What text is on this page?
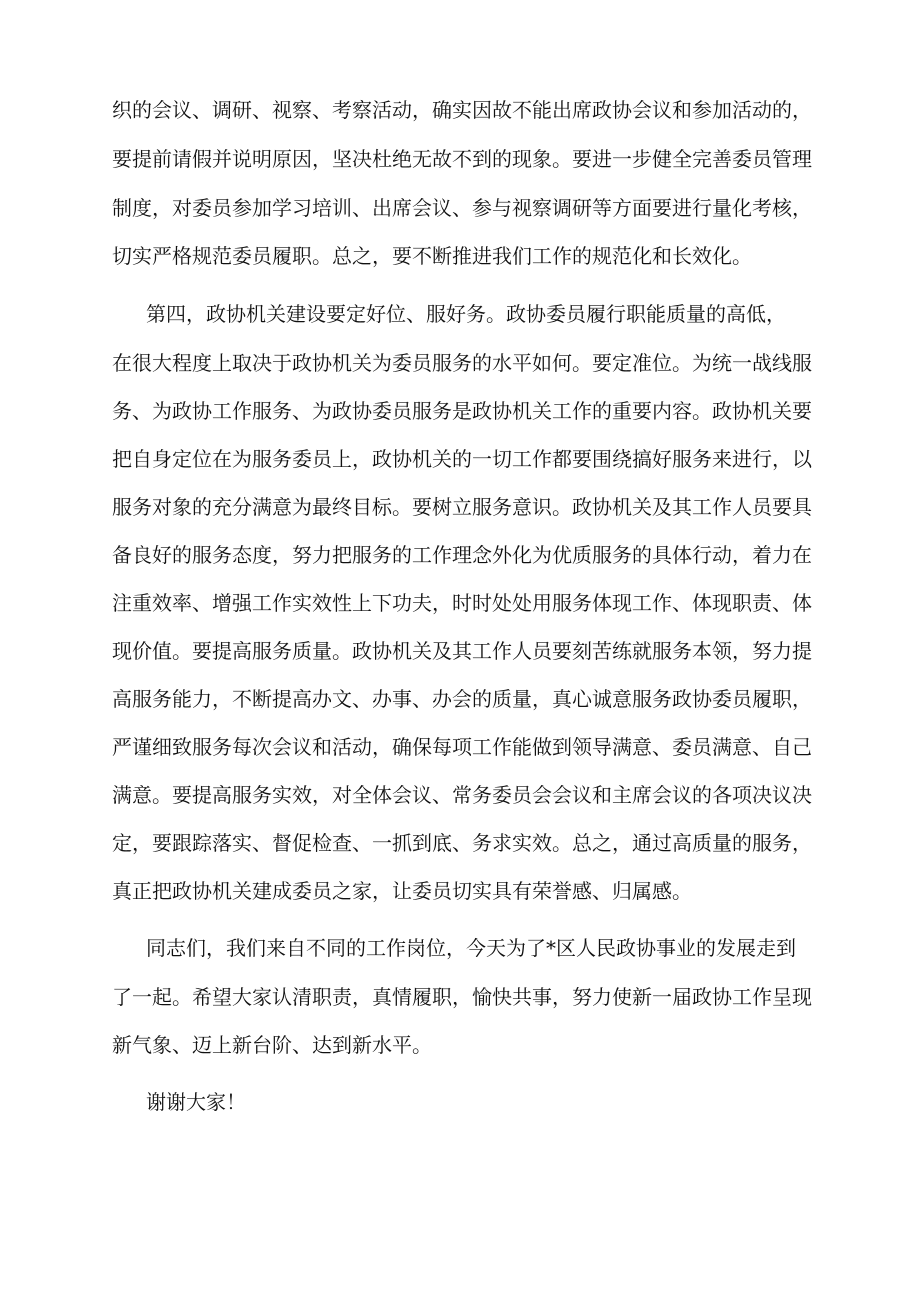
织的会议、调研、视察、考察活动，确实因故不能出席政协会议和参加活动的，
要提前请假并说明原因，坚决杜绝无故不到的现象。要进一步健全完善委员管理
制度，对委员参加学习培训、出席会议、参与视察调研等方面要进行量化考核，
切实严格规范委员履职。总之，要不断推进我们工作的规范化和长效化。
第四，政协机关建设要定好位、服好务。政协委员履行职能质量的高低，
在很大程度上取决于政协机关为委员服务的水平如何。要定准位。为统一战线服
务、为政协工作服务、为政协委员服务是政协机关工作的重要内容。政协机关要
把自身定位在为服务委员上，政协机关的一切工作都要围绕搞好服务来进行，以
服务对象的充分满意为最终目标。要树立服务意识。政协机关及其工作人员要具
备良好的服务态度，努力把服务的工作理念外化为优质服务的具体行动，着力在
注重效率、增强工作实效性上下功夫，时时处处用服务体现工作、体现职责、体
现价值。要提高服务质量。政协机关及其工作人员要刻苦练就服务本领，努力提
高服务能力，不断提高办文、办事、办会的质量，真心诚意服务政协委员履职，
严谨细致服务每次会议和活动，确保每项工作能做到领导满意、委员满意、自己
满意。要提高服务实效，对全体会议、常务委员会会议和主席会议的各项决议决
定，要跟踪落实、督促检查、一抓到底、务求实效。总之，通过高质量的服务，
真正把政协机关建成委员之家，让委员切实具有荣誉感、归属感。
同志们，我们来自不同的工作岗位，今天为了*区人民政协事业的发展走到
了一起。希望大家认清职责，真情履职，愉快共事，努力使新一届政协工作呈现
新气象、迈上新台阶、达到新水平。
谢谢大家！
